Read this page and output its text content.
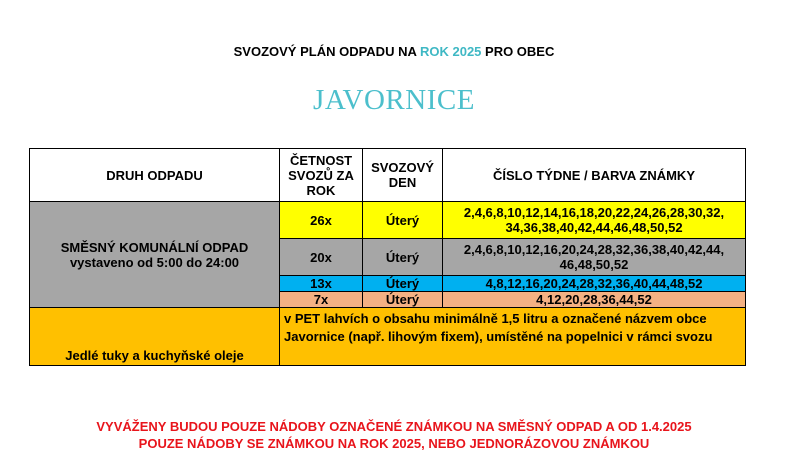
SVOZOVÝ PLÁN ODPADU NA ROK 2025 PRO OBEC
JAVORNICE
DRUH ODPADU	ČETNOST SVOZŮ ZA ROK	SVOZOVÝ DEN	ČÍSLO TÝDNE / BARVA ZNÁMKY

SMĚSNÝ KOMUNÁLNÍ ODPAD
vystaveno od 5:00 do 24:00	26x	Úterý	2,4,6,8,10,12,14,16,18,20,22,24,26,28,30,32, 34,36,38,40,42,44,46,48,50,52
	20x	Úterý	2,4,6,8,10,12,16,20,24,28,32,36,38,40,42,44, 46,48,50,52
	13x	Úterý	4,8,12,16,20,24,28,32,36,40,44,48,52
	7x	Úterý	4,12,20,28,36,44,52
Jedlé tuky a kuchyňské oleje	v PET lahvích o obsahu minimálně 1,5 litru a označené názvem obce Javornice (např. lihovým fixem), umístěné na popelnici v rámci svozu		
VYVÁŽENY BUDOU POUZE NÁDOBY OZNAČENÉ ZNÁMKOU NA SMĚSNÝ ODPAD A OD 1.4.2025
POUZE NÁDOBY SE ZNÁMKOU NA ROK 2025, NEBO JEDNORÁZOVOU ZNÁMKOU
